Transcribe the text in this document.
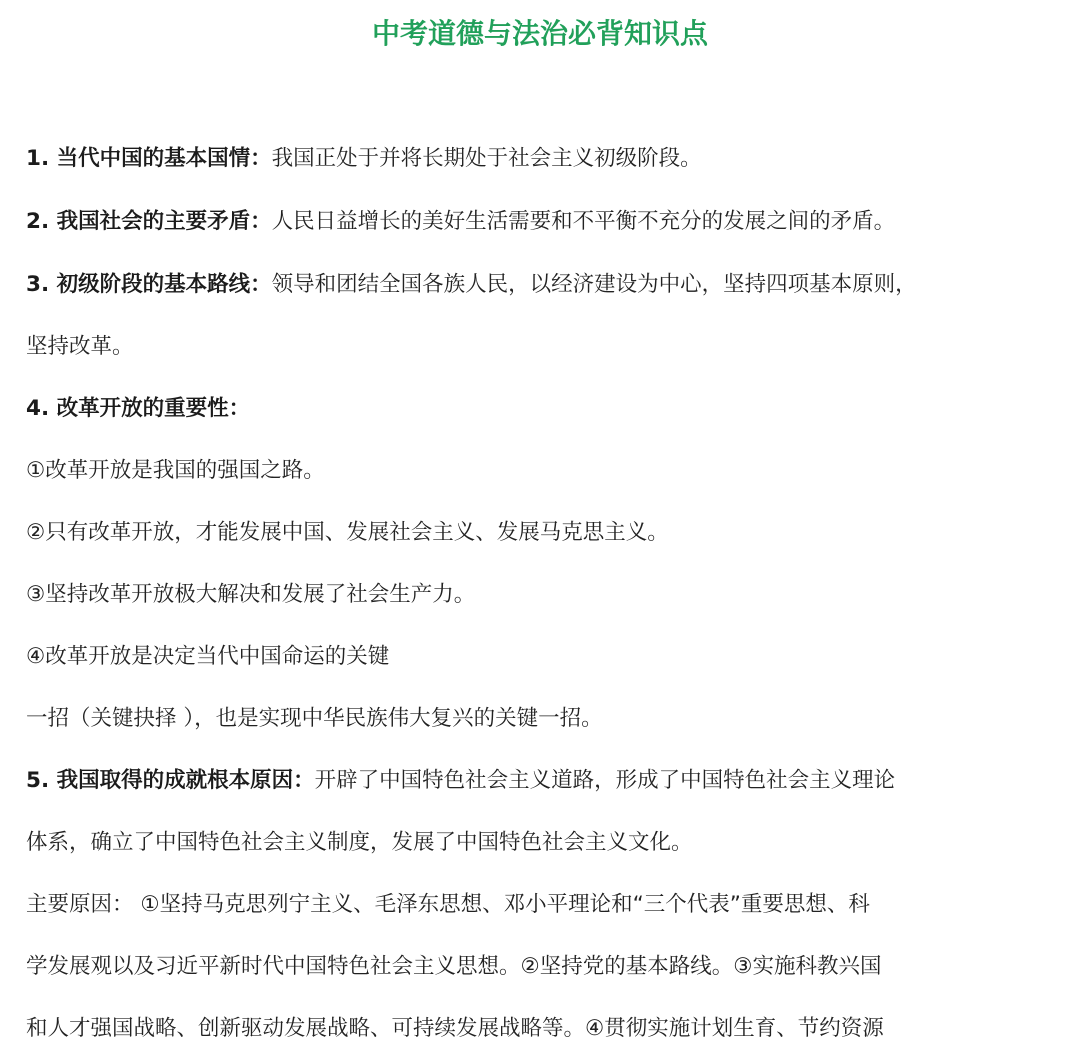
中考道德与法治必背知识点
1. 当代中国的基本国情：我国正处于并将长期处于社会主义初级阶段。
2. 我国社会的主要矛盾：人民日益增长的美好生活需要和不平衡不充分的发展之间的矛盾。
3. 初级阶段的基本路线：领导和团结全国各族人民，以经济建设为中心，坚持四项基本原则，
坚持改革。
4. 改革开放的重要性：
①改革开放是我国的强国之路。
②只有改革开放，才能发展中国、发展社会主义、发展马克思主义。
③坚持改革开放极大解决和发展了社会生产力。
④改革开放是决定当代中国命运的关键
一招（关键抉择 ），也是实现中华民族伟大复兴的关键一招。
5. 我国取得的成就根本原因：开辟了中国特色社会主义道路，形成了中国特色社会主义理论
体系，确立了中国特色社会主义制度，发展了中国特色社会主义文化。
主要原因： ①坚持马克思列宁主义、毛泽东思想、邓小平理论和“三个代表”重要思想、科
学发展观以及习近平新时代中国特色社会主义思想。②坚持党的基本路线。③实施科教兴国
和人才强国战略、创新驱动发展战略、可持续发展战略等。④贯彻实施计划生育、节约资源
